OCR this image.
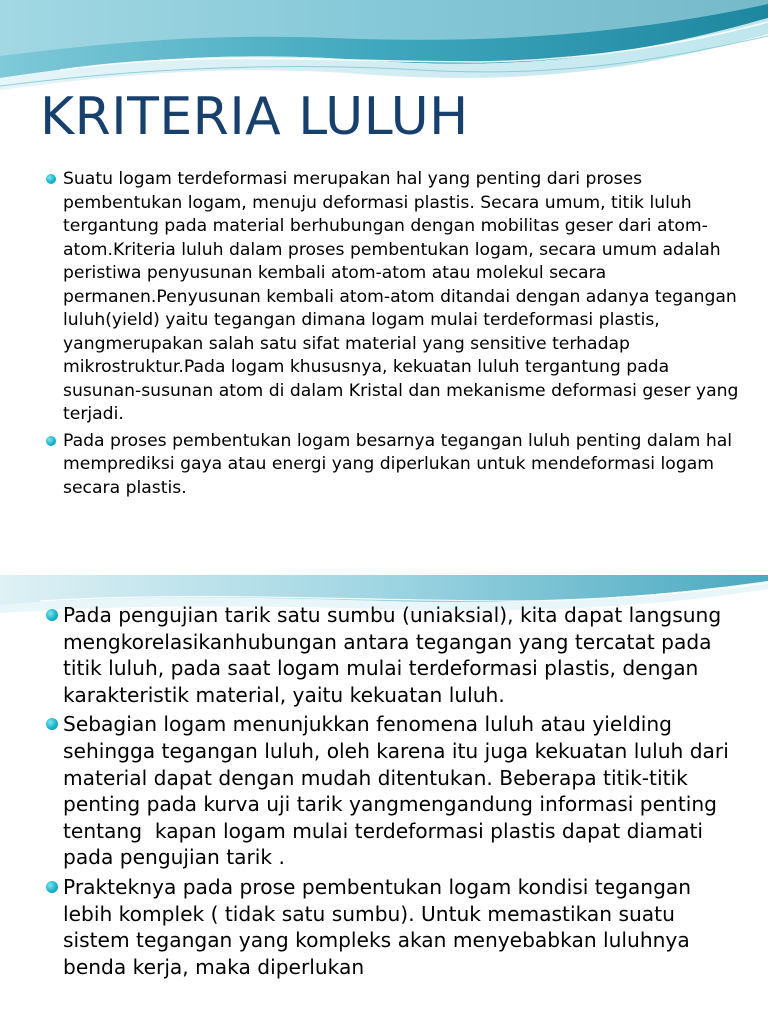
KRITERIA LULUH
Suatu logam terdeformasi merupakan hal yang penting dari proses pembentukan logam, menuju deformasi plastis. Secara umum, titik luluh tergantung pada material berhubungan dengan mobilitas geser dari atom-atom.Kriteria luluh dalam proses pembentukan logam, secara umum adalah peristiwa penyusunan kembali atom-atom atau molekul secara permanen.Penyusunan kembali atom-atom ditandai dengan adanya tegangan luluh(yield) yaitu tegangan dimana logam mulai terdeformasi plastis, yangmerupakan salah satu sifat material yang sensitive terhadap mikrostruktur.Pada logam khususnya, kekuatan luluh tergantung pada susunan-susunan atom di dalam Kristal dan mekanisme deformasi geser yang terjadi.
Pada proses pembentukan logam besarnya tegangan luluh penting dalam hal memprediksi gaya atau energi yang diperlukan untuk mendeformasi logam secara plastis.
Pada pengujian tarik satu sumbu (uniaksial), kita dapat langsung mengkorelasikanhubungan antara tegangan yang tercatat pada titik luluh, pada saat logam mulai terdeformasi plastis, dengan karakteristik material, yaitu kekuatan luluh.
Sebagian logam menunjukkan fenomena luluh atau yielding sehingga tegangan luluh, oleh karena itu juga kekuatan luluh dari material dapat dengan mudah ditentukan. Beberapa titik-titik penting pada kurva uji tarik yangmengandung informasi penting tentang  kapan logam mulai terdeformasi plastis dapat diamati pada pengujian tarik .
Prakteknya pada prose pembentukan logam kondisi tegangan lebih komplek ( tidak satu sumbu). Untuk memastikan suatu sistem tegangan yang kompleks akan menyebabkan luluhnya  benda kerja, maka diperlukan
